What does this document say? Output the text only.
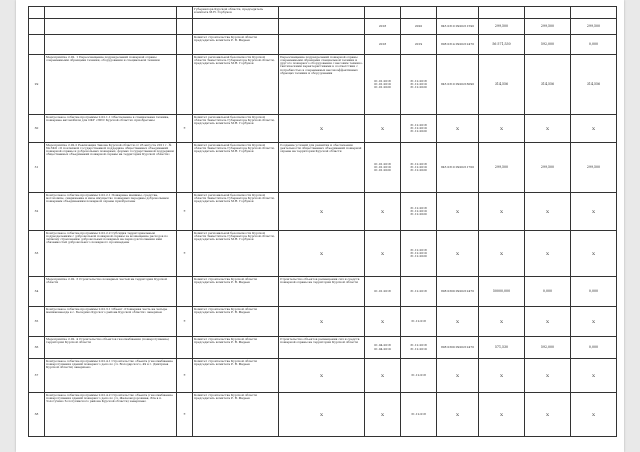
			Губернатора Курской области, председатель комитета М.Н. Горбунов							
					2018	2020	845 0310 0920211590	299,500	299,500	299,500
			Комитет строительства Курской области председатель комитета Р. В. Фадеев		2018	2019	808 0314 0920212470	56 571,530	592,000	0,000
29	Мероприятие 2.02. 1 Переоснащение подразделений пожарной охраны современными образцами техники, оборудования и специальной техники		Комитет региональной безопасности Курской области Заместитель Губернатора Курской области, председатель комитета М.Н. Горбунов	Переоснащение подразделений пожарной охраны современными образцами специальной техники и другого пожарного оборудования с высоким технико-тактическими характеристиками в соответствии с потребностью в современных высокоэффективных образцах техники и оборудования	01.01.2018 01.01.2019 01.01.2020	31.12.2018 31.12.2019 31.12.2020	845 0310 0920216090	314,556	314,556	314,556
30	Контрольное событие программы 2.02.1.1 Обеспечение в специальная техника, пожарные автомобили для ОКУ «ППС Курской области» приобретены	*	Комитет региональной безопасности Курской области Заместитель Губернатора Курской области, председатель комитета М.Н. Горбунов	X	X	31.12.2018 31.12.2019 31.12.2020	X	X	X	X
31	Мероприятие 2.02.2 Реализация Закона Курской области от 23 августа 2011 г. № 64-ЗКО «О поэтапной государственной поддержке общественных объединений пожарной охраны и добровольных пожарных, формах государственной поддержки общественных объединений пожарной охраны на территории Курской области»		Комитет региональной безопасности Курской области Заместитель Губернатора Курской области, председатель комитета М.Н. Горбунов	Создание условий для развития и обеспечения деятельности общественных объединений пожарной охраны на территории Курской области	01.01.2018 01.01.2019 01.01.2020	31.12.2018 31.12.2019 31.12.2020	845 0310 0920211700	299,500	299,500	299,500
32	Контрольное событие программы 2.02.2.1 Пожарные машины, средства, мотопомпы, снаряжение и иное имущество пожарных переданы добровольным пожарным объединениям пожарной охраны приобретены	*	Комитет региональной безопасности Курской области Заместитель Губернатора Курской области, председатель комитета М.Н. Горбунов	X	X	31.12.2018 31.12.2019 31.12.2020	X	X	X	X
33	Контрольное событие программы 2.02.2.2 Субсидия территориальным подразделениям с добровольной пожарной охраны за возмещение расходов по личному страхованию добровольных пожарных на период исполнения ими обязанностей добровольного пожарного произведены	*	Комитет региональной безопасности Курской области Заместитель Губернатора Курской области, председатель комитета М.Н. Горбунов	X	X	31.12.2018 31.12.2019 31.12.2020	X	X	X	X
34	Мероприятие 2.02. 3 Строительство пожарных частей на территории Курской области		Комитет строительства Курской области председатель комитета Р. В. Фадеев	Строительство объектов размещения сил и средств пожарной охраны на территории Курской области	01.01.2018	31.12.2018	808 0309 0920212470	50000,000	0,000	0,000
35	Контрольное событие программы 2.02.3.1 Объект «Пожарная часть на четыре машиновыезда в с. Беседино Курского района Курской области» завершен	*	Комитет строительства Курской области председатель комитета Р. В. Фадеев	X	X	31.12.018	X	X	X	X
36	Мероприятие 2.02. 4 Строительство объектов газоснабжения (пожаротушение) территории Курской области		Комитет строительства Курской области председатель комитета Р. В. Фадеев	Строительство объектов размещения сил и средств пожарной охраны на территории Курской области	01.04.2018 01.04.2019	31.12.2018 31.12.2019	808 0309 0920212470	571,530	592,000	0,000
37	Контрольное событие программы 2.02.4.1 Строительство объекта (газоснабжение пожаротушения зданий пожарного депо по ул. Володарского, 49 в г. Дмитриев Курской области) завершено	*	Комитет строительства Курской области председатель комитета Р. В. Фадеев	X	X	31.12.018	X	X	X	X
38	Контрольное событие программы 2.02.4.2 Строительство объекта (газоснабжение пожаротушения зданий пожарного депо по ул. Железнодорожная, 82а в п. Золотухино Золотухинского района Курской области) завершено	*	Комитет строительства Курской области председатель комитета Р. В. Фадеев	X	X	31.12.018	X	X	X	X
